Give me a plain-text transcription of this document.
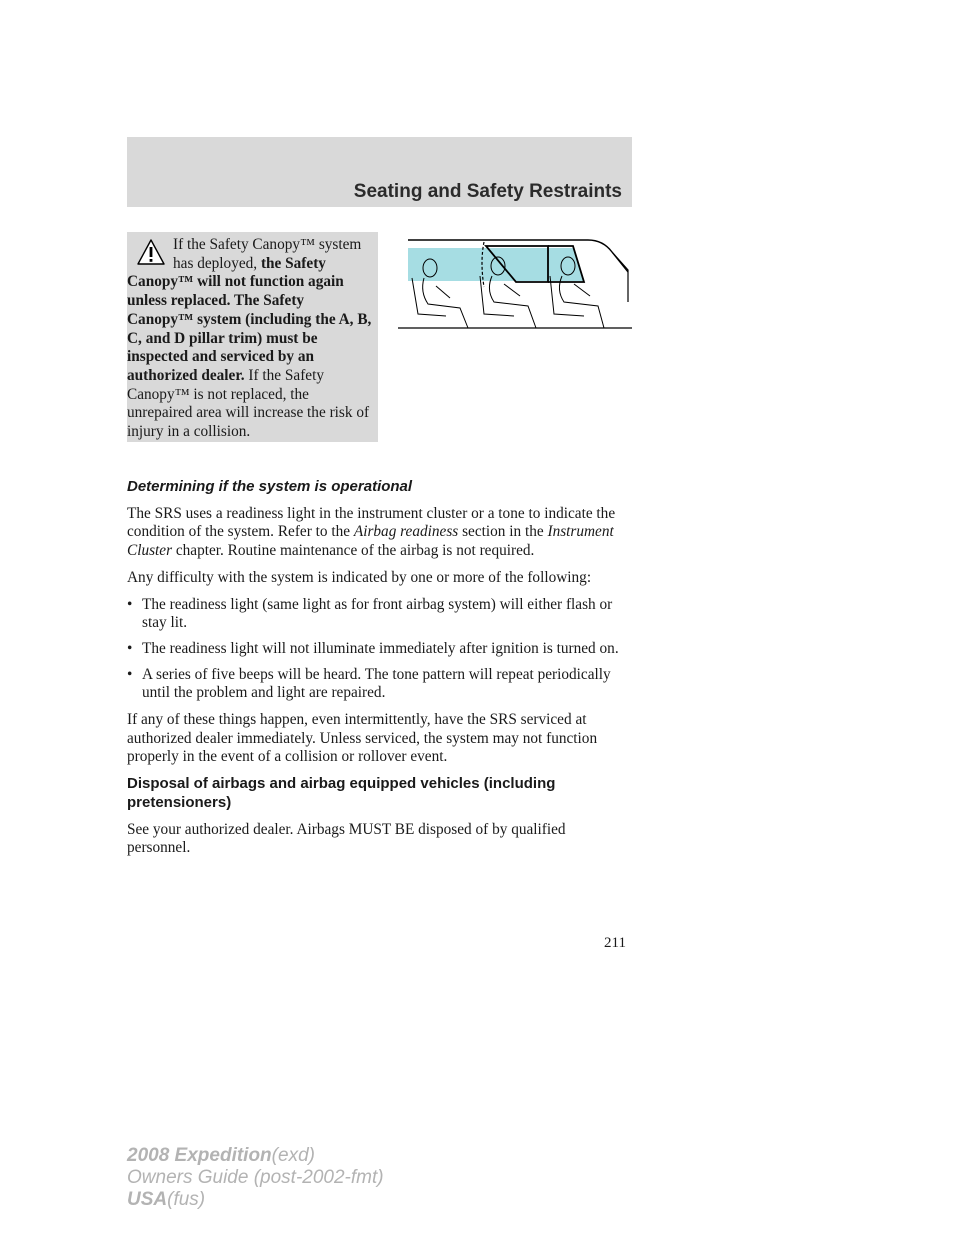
Seating and Safety Restraints

If the Safety Canopy™ system has deployed, the Safety Canopy™ will not function again unless replaced. The Safety Canopy™ system (including the A, B, C, and D pillar trim) must be inspected and serviced by an authorized dealer. If the Safety Canopy™ is not replaced, the unrepaired area will increase the risk of injury in a collision.

Determining if the system is operational

The SRS uses a readiness light in the instrument cluster or a tone to indicate the condition of the system. Refer to the Airbag readiness section in the Instrument Cluster chapter. Routine maintenance of the airbag is not required.

Any difficulty with the system is indicated by one or more of the following:

• The readiness light (same light as for front airbag system) will either flash or stay lit.
• The readiness light will not illuminate immediately after ignition is turned on.
• A series of five beeps will be heard. The tone pattern will repeat periodically until the problem and light are repaired.

If any of these things happen, even intermittently, have the SRS serviced at authorized dealer immediately. Unless serviced, the system may not function properly in the event of a collision or rollover event.

Disposal of airbags and airbag equipped vehicles (including pretensioners)

See your authorized dealer. Airbags MUST BE disposed of by qualified personnel.

211
2008 Expedition(exd)
Owners Guide (post-2002-fmt)
USA(fus)
